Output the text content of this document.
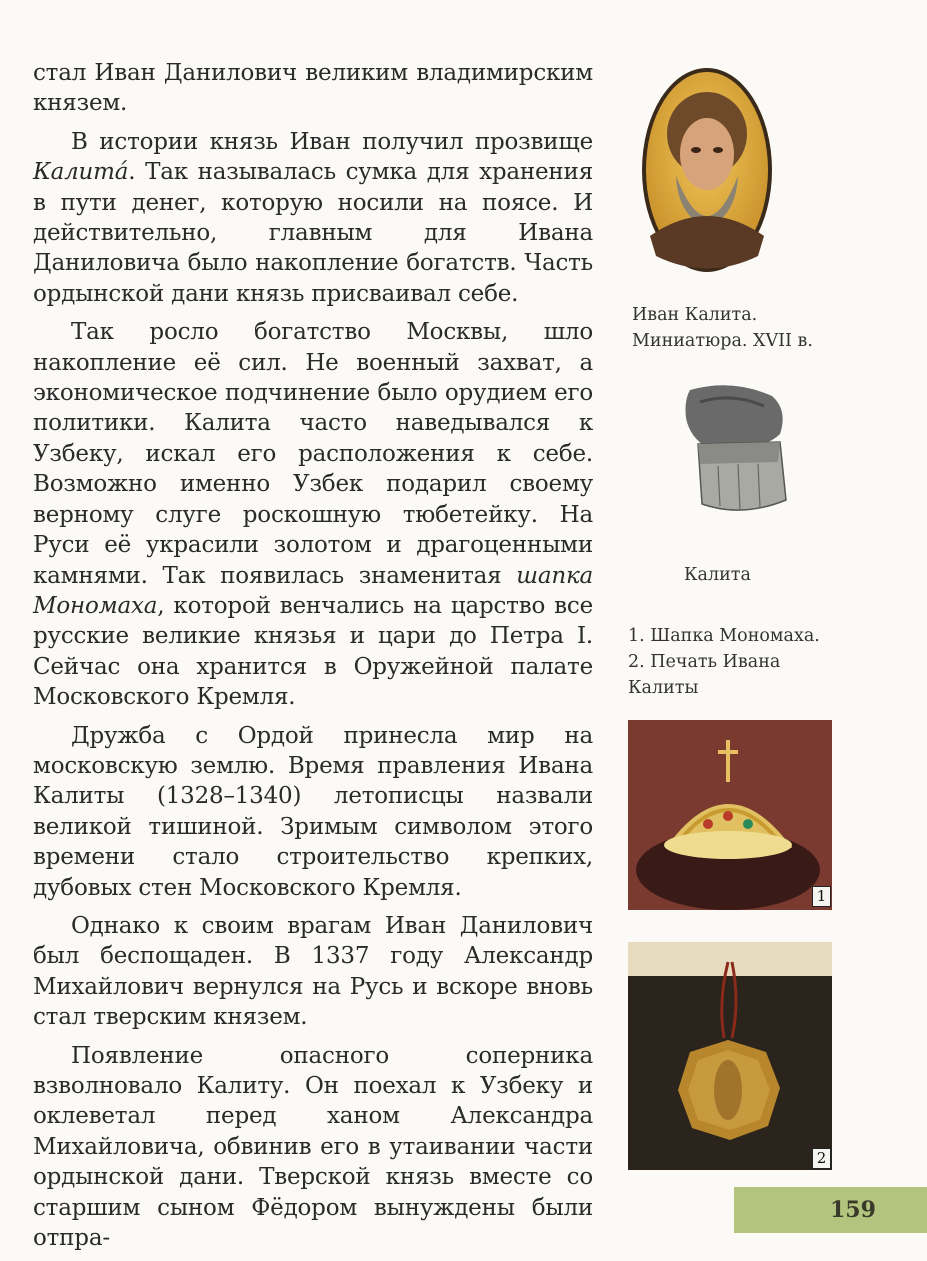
стал Иван Данилович великим владимирским князем.

В истории князь Иван получил прозвище Калитá. Так называлась сумка для хранения в пути денег, которую носили на поясе. И действительно, главным для Ивана Даниловича было накопление богатств. Часть ордынской дани князь присваивал себе.

Так росло богатство Москвы, шло накопление её сил. Не военный захват, а экономическое подчинение было орудием его политики. Калита часто наведывался к Узбеку, искал его расположения к себе. Возможно именно Узбек подарил своему верному слуге роскошную тюбетейку. На Руси её украсили золотом и драгоценными камнями. Так появилась знаменитая шапка Мономаха, которой венчались на царство все русские великие князья и цари до Петра I. Сейчас она хранится в Оружейной палате Московского Кремля.

Дружба с Ордой принесла мир на московскую землю. Время правления Ивана Калиты (1328–1340) летописцы назвали великой тишиной. Зримым символом этого времени стало строительство крепких, дубовых стен Московского Кремля.

Однако к своим врагам Иван Данилович был беспощаден. В 1337 году Александр Михайлович вернулся на Русь и вскоре вновь стал тверским князем.

Появление опасного соперника взволновало Калиту. Он поехал к Узбеку и оклеветал перед ханом Александра Михайловича, обвинив его в утаивании части ордынской дани. Тверской князь вместе со старшим сыном Фёдором вынуждены были отпра-

Иван Калита.
Миниатюра. XVII в.
Калита
1. Шапка Мономаха.
2. Печать Ивана
Калиты
1
2
159
